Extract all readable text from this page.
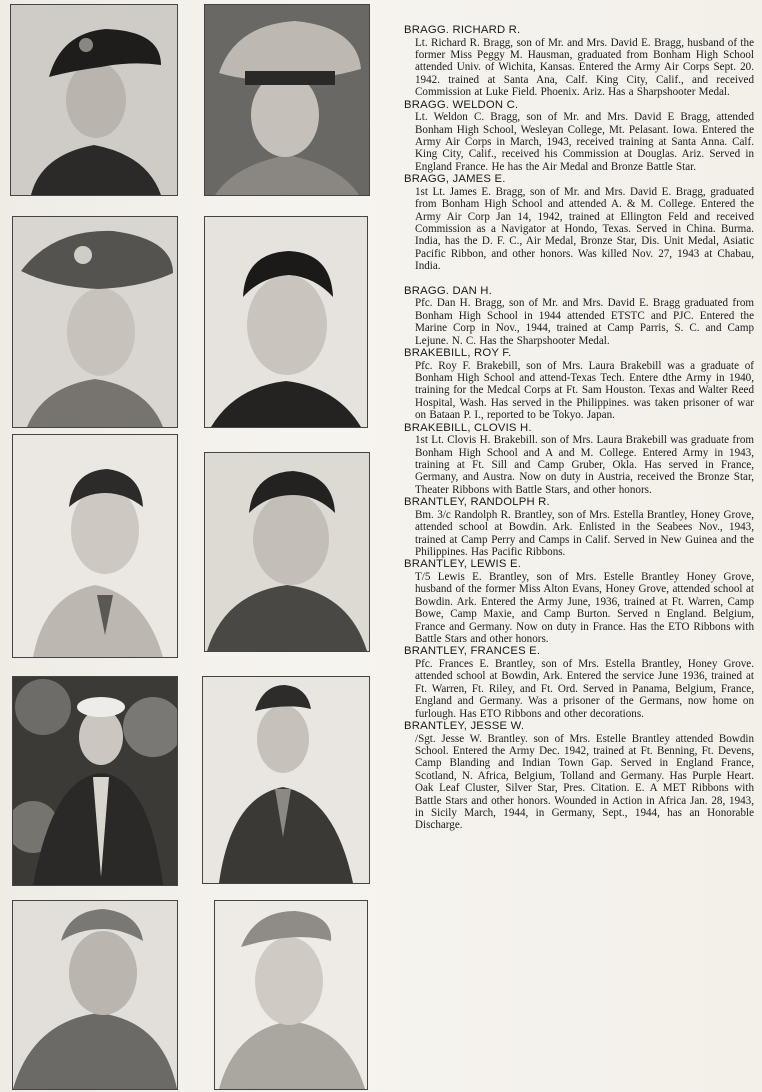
BRAGG. RICHARD R.
Lt. Richard R. Bragg, son of Mr. and Mrs. David E. Bragg, husband of the former Miss Peggy M. Hausman, graduated from Bonham High School attended Univ. of Wichita, Kansas. Entered the Army Air Corps Sept. 20. 1942. trained at Santa Ana, Calf. King City, Calif., and received Commission at Luke Field. Phoenix. Ariz. Has a Sharpshooter Medal.
BRAGG. WELDON C.
Lt. Weldon C. Bragg, son of Mr. and Mrs. David E Bragg, attended Bonham High School, Wesleyan College, Mt. Pelasant. Iowa. Entered the Army Air Corps in March, 1943, received training at Santa Anna. Calf. King City, Calif., received his Commission at Douglas. Ariz. Served in England France. He has the Air Medal and Bronze Battle Star.
BRAGG, JAMES E.
1st Lt. James E. Bragg, son of Mr. and Mrs. David E. Bragg, graduated from Bonham High School and attended A. & M. College. Entered the Army Air Corp Jan 14, 1942, trained at Ellington Feld and received Commission as a Navigator at Hondo, Texas. Served in China. Burma. India, has the D. F. C., Air Medal, Bronze Star, Dis. Unit Medal, Asiatic Pacific Ribbon, and other honors. Was killed Nov. 27, 1943 at Chabau, India.
BRAGG. DAN H.
Pfc. Dan H. Bragg, son of Mr. and Mrs. David E. Bragg graduated from Bonham High School in 1944 attended ETSTC and PJC. Entered the Marine Corp in Nov., 1944, trained at Camp Parris, S. C. and Camp Lejune. N. C. Has the Sharpshooter Medal.
BRAKEBILL, ROY F.
Pfc. Roy F. Brakebill, son of Mrs. Laura Brakebill was a graduate of Bonham High School and attend-Texas Tech. Entere dthe Army in 1940, training for the Medcal Corps at Ft. Sam Houston. Texas and Walter Reed Hospital, Wash. Has served in the Philippines. was taken prisoner of war on Bataan P. I., reported to be Tokyo. Japan.
BRAKEBILL, CLOVIS H.
1st Lt. Clovis H. Brakebill. son of Mrs. Laura Brakebill was graduate from Bonham High School and A and M. College. Entered Army in 1943, training at Ft. Sill and Camp Gruber, Okla. Has served in France, Germany, and Austra. Now on duty in Austria, received the Bronze Star, Theater Ribbons with Battle Stars, and other honors.
BRANTLEY, RANDOLPH R.
Bm. 3/c Randolph R. Brantley, son of Mrs. Estella Brantley, Honey Grove, attended school at Bowdin. Ark. Enlisted in the Seabees Nov., 1943, trained at Camp Perry and Camps in Calif. Served in New Guinea and the Philippines. Has Pacific Ribbons.
BRANTLEY, LEWIS E.
T/5 Lewis E. Brantley, son of Mrs. Estelle Brantley Honey Grove, husband of the former Miss Alton Evans, Honey Grove, attended school at Bowdin. Ark. Entered the Army June, 1936, trained at Ft. Warren, Camp Bowe, Camp Maxie, and Camp Burton. Served n England. Belgium, France and Germany. Now on duty in France. Has the ETO Ribbons with Battle Stars and other honors.
BRANTLEY, FRANCES E.
Pfc. Frances E. Brantley, son of Mrs. Estella Brantley, Honey Grove. attended school at Bowdin, Ark. Entered the service June 1936, trained at Ft. Warren, Ft. Riley, and Ft. Ord. Served in Panama, Belgium, France, England and Germany. Was a prisoner of the Germans, now home on furlough. Has ETO Ribbons and other decorations.
BRANTLEY, JESSE W.
/Sgt. Jesse W. Brantley. son of Mrs. Estelle Brantley attended Bowdin School. Entered the Army Dec. 1942, trained at Ft. Benning, Ft. Devens, Camp Blanding and Indian Town Gap. Served in England France, Scotland, N. Africa, Belgium, Tolland and Germany. Has Purple Heart. Oak Leaf Cluster, Silver Star, Pres. Citation. E. A MET Ribbons with Battle Stars and other honors. Wounded in Action in Africa Jan. 28, 1943, in Sicily March, 1944, in Germany, Sept., 1944, has an Honorable Discharge.
